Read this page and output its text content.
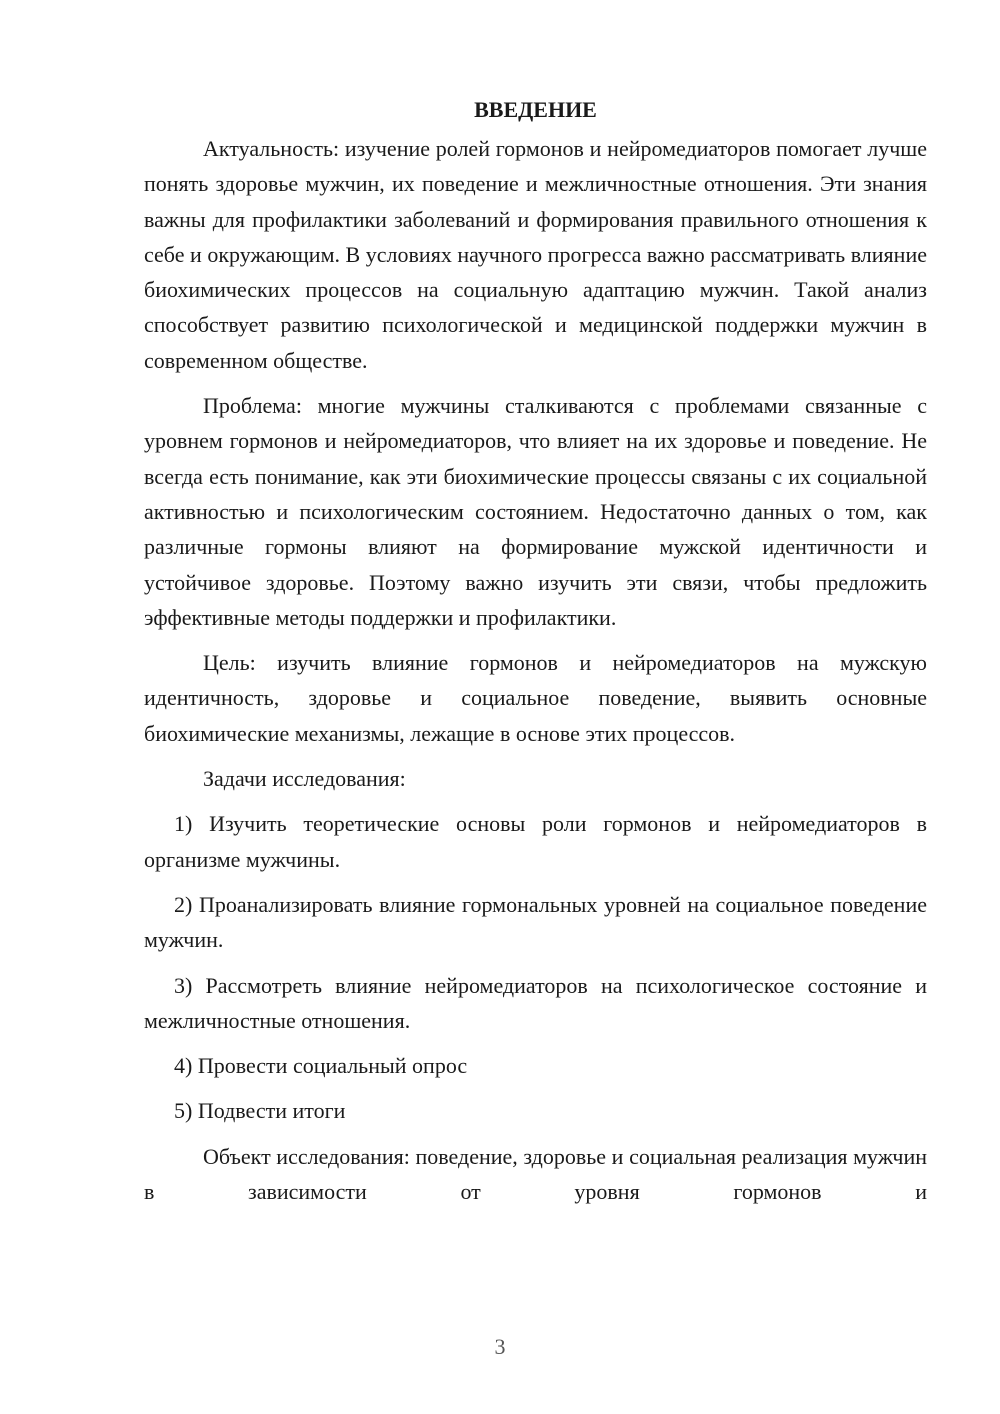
ВВЕДЕНИЕ

Актуальность: изучение ролей гормонов и нейромедиаторов помогает лучше понять здоровье мужчин, их поведение и межличностные отношения. Эти знания важны для профилактики заболеваний и формирования правильного отношения к себе и окружающим. В условиях научного прогресса важно рассматривать влияние биохимических процессов на социальную адаптацию мужчин. Такой анализ способствует развитию психологической и медицинской поддержки мужчин в современном обществе.

Проблема: многие мужчины сталкиваются с проблемами связанные с уровнем гормонов и нейромедиаторов, что влияет на их здоровье и поведение. Не всегда есть понимание, как эти биохимические процессы связаны с их социальной активностью и психологическим состоянием. Недостаточно данных о том, как различные гормоны влияют на формирование мужской идентичности и устойчивое здоровье. Поэтому важно изучить эти связи, чтобы предложить эффективные методы поддержки и профилактики.

Цель: изучить влияние гормонов и нейромедиаторов на мужскую идентичность, здоровье и социальное поведение, выявить основные биохимические механизмы, лежащие в основе этих процессов.

Задачи исследования:

1) Изучить теоретические основы роли гормонов и нейромедиаторов в организме мужчины.

2) Проанализировать влияние гормональных уровней на социальное поведение мужчин.

3) Рассмотреть влияние нейромедиаторов на психологическое состояние и межличностные отношения.

4) Провести социальный опрос

5) Подвести итоги

Объект исследования: поведение, здоровье и социальная реализация мужчин в зависимости от уровня гормонов и

3
